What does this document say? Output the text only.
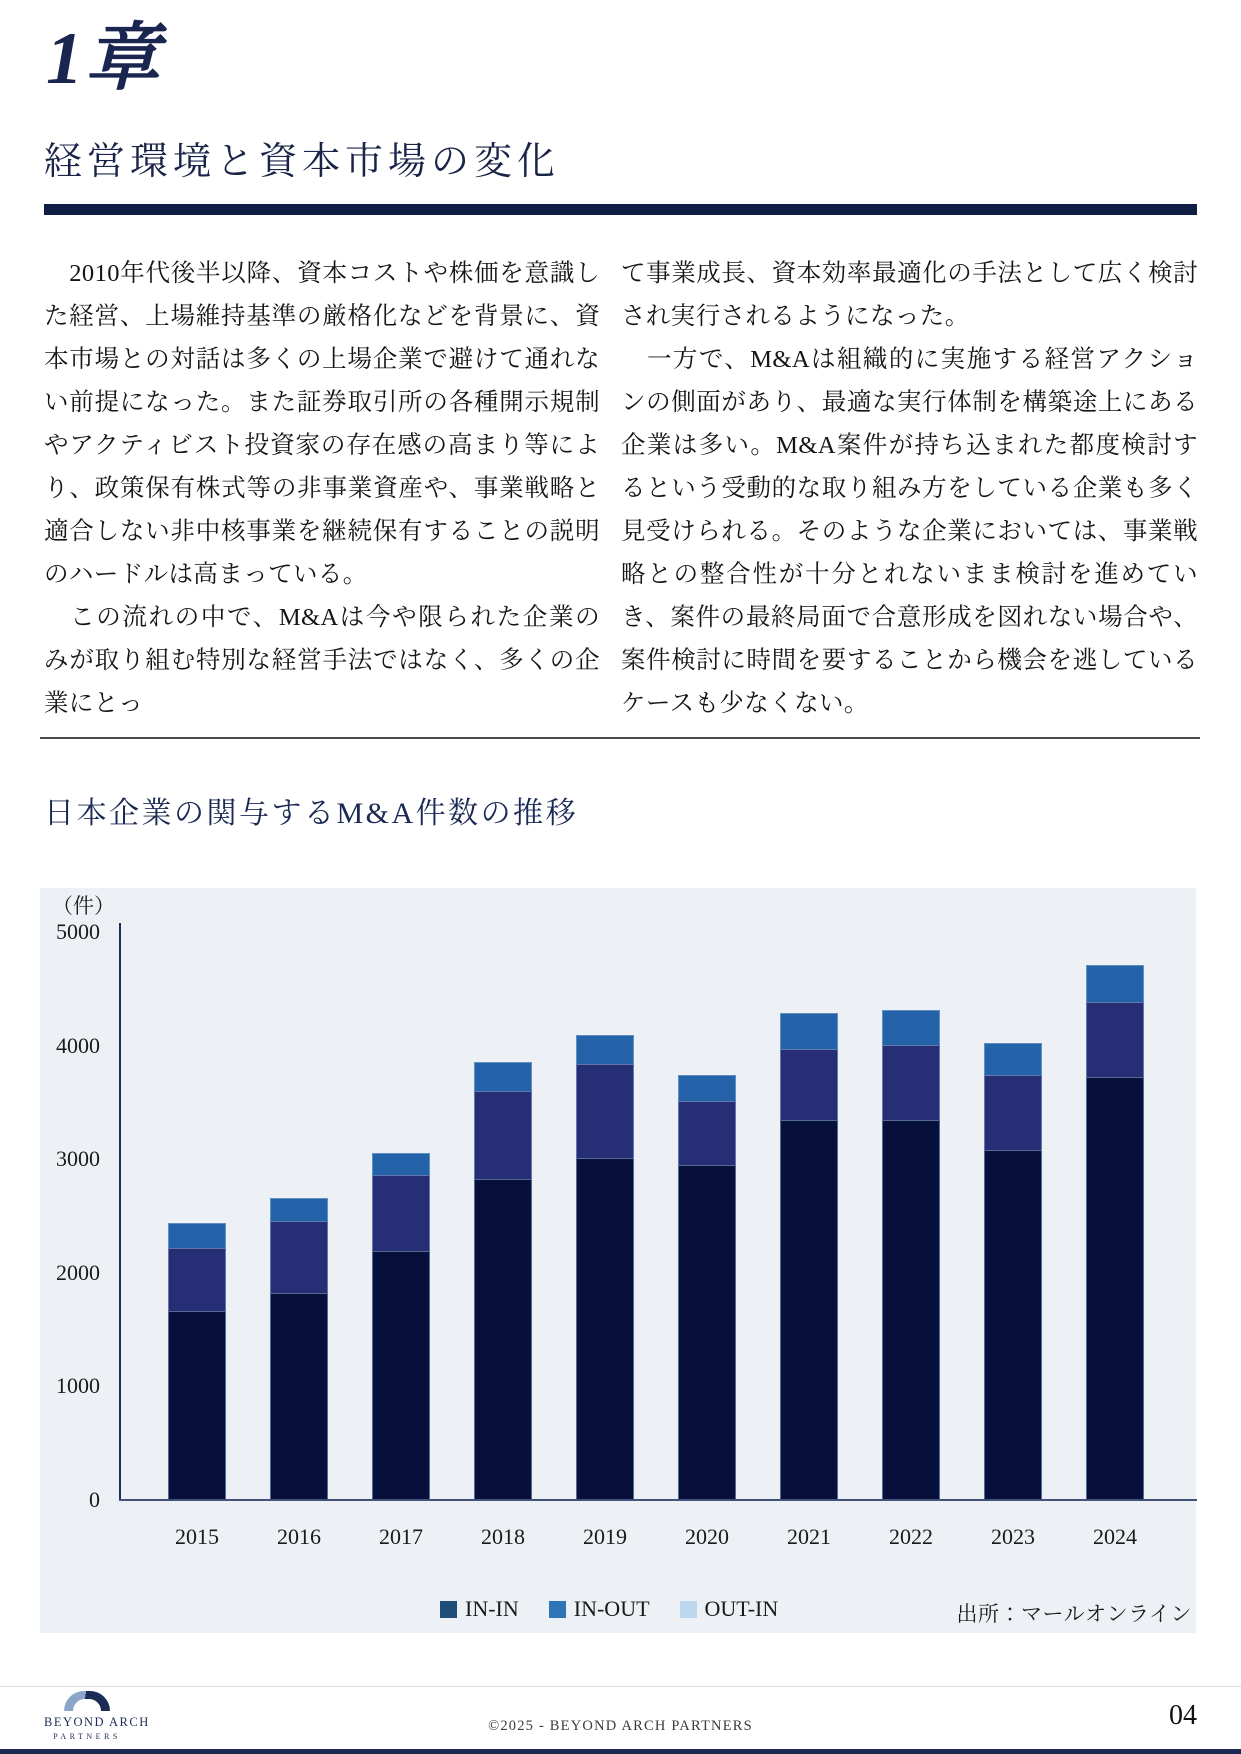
1章
経営環境と資本市場の変化

　2010年代後半以降、資本コストや株価を意識した経営、上場維持基準の厳格化などを背景に、資本市場との対話は多くの上場企業で避けて通れない前提になった。また証券取引所の各種開示規制やアクティビスト投資家の存在感の高まり等により、政策保有株式等の非事業資産や、事業戦略と適合しない非中核事業を継続保有することの説明のハードルは高まっている。

　この流れの中で、M&Aは今や限られた企業のみが取り組む特別な経営手法ではなく、多くの企業にとっ

て事業成長、資本効率最適化の手法として広く検討され実行されるようになった。

　一方で、M&Aは組織的に実施する経営アクションの側面があり、最適な実行体制を構築途上にある企業は多い。M&A案件が持ち込まれた都度検討するという受動的な取り組み方をしている企業も多く見受けられる。そのような企業においては、事業戦略との整合性が十分とれないまま検討を進めていき、案件の最終局面で合意形成を図れない場合や、案件検討に時間を要することから機会を逃しているケースも少なくない。

日本企業の関与するM&A件数の推移
（件）
0
1000
2000
3000
4000
5000
2015	2016	2017	2018	2019	2020	2021	2022	2023	2024
IN-IN	IN-OUT	OUT-IN	出所：マールオンライン
BEYOND ARCH
PARTNERS
©2025 - BEYOND ARCH PARTNERS	04
